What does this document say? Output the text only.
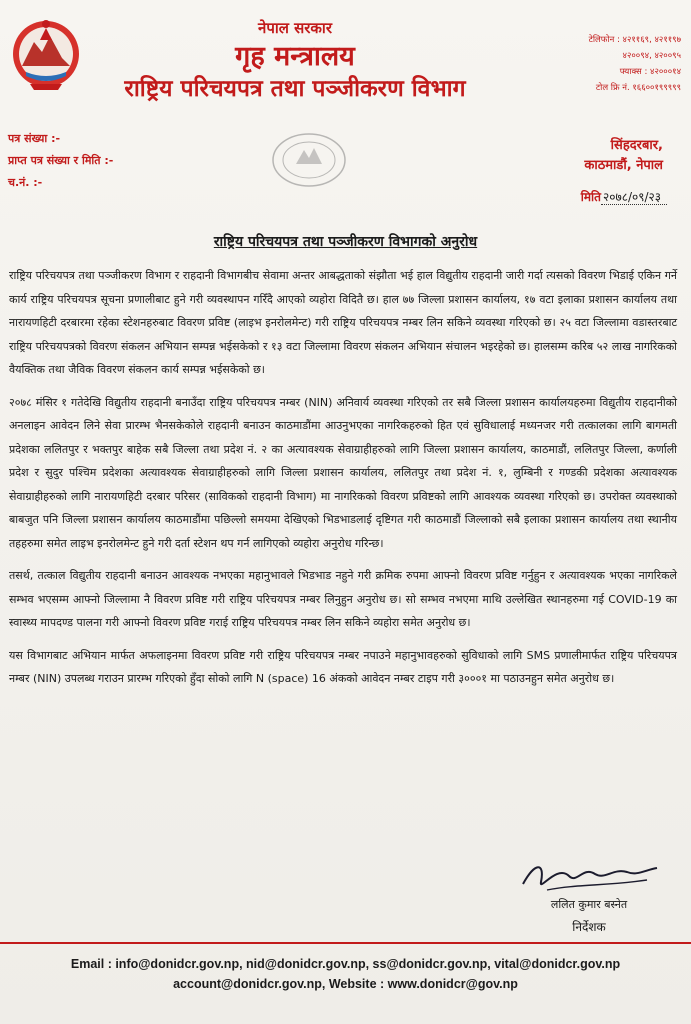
नेपाल सरकार
गृह मन्त्रालय
राष्ट्रिय परिचयपत्र तथा पञ्जीकरण विभाग
टेलिफोन : ४२११६९, ४२११९७
४२००९४, ४२००९५
फ्याक्स : ४२०००१४
टोल फ्रि नं. १६६००१९९९९९
पत्र संख्या :-
प्राप्त पत्र संख्या र मिति :-
च.नं. :-
सिंहदरबार,
काठमाडौं, नेपाल
मिति २०७८/०९/२३
राष्ट्रिय परिचयपत्र तथा पञ्जीकरण विभागको अनुरोध

राष्ट्रिय परिचयपत्र तथा पञ्जीकरण विभाग र राहदानी विभागबीच सेवामा अन्तर आबद्धताको संझौता भई हाल विद्युतीय राहदानी जारी गर्दा त्यसको विवरण भिडाई एकिन गर्ने कार्य राष्ट्रिय परिचयपत्र सूचना प्रणालीबाट हुने गरी व्यवस्थापन गरिँदै आएको व्यहोरा विदितै छ। हाल ७७ जिल्ला प्रशासन कार्यालय, १७ वटा इलाका प्रशासन कार्यालय तथा नारायणहिटी दरबारमा रहेका स्टेशनहरुबाट विवरण प्रविष्ट (लाइभ इनरोलमेन्ट) गरी राष्ट्रिय परिचयपत्र नम्बर लिन सकिने व्यवस्था गरिएको छ। २५ वटा जिल्लामा वडास्तरबाट राष्ट्रिय परिचयपत्रको विवरण संकलन अभियान सम्पन्न भईसकेको र १३ वटा जिल्लामा विवरण संकलन अभियान संचालन भइरहेको छ। हालसम्म करिब ५२ लाख नागरिकको वैयक्तिक तथा जैविक विवरण संकलन कार्य सम्पन्न भईसकेको छ।

२०७८ मंसिर १ गतेदेखि विद्युतीय राहदानी बनाउँदा राष्ट्रिय परिचयपत्र नम्बर (NIN) अनिवार्य व्यवस्था गरिएको तर सबै जिल्ला प्रशासन कार्यालयहरुमा विद्युतीय राहदानीको अनलाइन आवेदन लिने सेवा प्रारम्भ भैनसकेकोले राहदानी बनाउन काठमाडौंमा आउनुभएका नागरिकहरुको हित एवं सुविधालाई मध्यनजर गरी तत्कालका लागि बागमती प्रदेशका ललितपुर र भक्तपुर बाहेक सबै जिल्ला तथा प्रदेश नं. २ का अत्यावश्यक सेवाग्राहीहरुको लागि जिल्ला प्रशासन कार्यालय, काठमाडौं, ललितपुर जिल्ला, कर्णाली प्रदेश र सुदुर पश्चिम प्रदेशका अत्यावश्यक सेवाग्राहीहरुको लागि जिल्ला प्रशासन कार्यालय, ललितपुर तथा प्रदेश नं. १, लुम्बिनी र गण्डकी प्रदेशका अत्यावश्यक सेवाग्राहीहरुको लागि नारायणहिटी दरबार परिसर (साविकको राहदानी विभाग) मा नागरिकको विवरण प्रविष्टको लागि आवश्यक व्यवस्था गरिएको छ। उपरोक्त व्यवस्थाको बाबजुत पनि जिल्ला प्रशासन कार्यालय काठमाडौंमा पछिल्लो समयमा देखिएको भिडभाडलाई दृष्टिगत गरी काठमाडौं जिल्लाको सबै इलाका प्रशासन कार्यालय तथा स्थानीय तहहरुमा समेत लाइभ इनरोलमेन्ट हुने गरी दर्ता स्टेशन थप गर्न लागिएको व्यहोरा अनुरोध गरिन्छ।

तसर्थ, तत्काल विद्युतीय राहदानी बनाउन आवश्यक नभएका महानुभावले भिडभाड नहुने गरी क्रमिक रुपमा आफ्नो विवरण प्रविष्ट गर्नुहुन र अत्यावश्यक भएका नागरिकले सम्भव भएसम्म आफ्नो जिल्लामा नै विवरण प्रविष्ट गरी राष्ट्रिय परिचयपत्र नम्बर लिनुहुन अनुरोध छ। सो सम्भव नभएमा माथि उल्लेखित स्थानहरुमा गई COVID-19 का स्वास्थ्य मापदण्ड पालना गरी आफ्नो विवरण प्रविष्ट गराई राष्ट्रिय परिचयपत्र नम्बर लिन सकिने व्यहोरा समेत अनुरोध छ।

यस विभागबाट अभियान मार्फत अफलाइनमा विवरण प्रविष्ट गरी राष्ट्रिय परिचयपत्र नम्बर नपाउने महानुभावहरुको सुविधाको लागि SMS प्रणालीमार्फत राष्ट्रिय परिचयपत्र नम्बर (NIN) उपलब्ध गराउन प्रारम्भ गरिएको हुँदा सोको लागि N (space) 16 अंकको आवेदन नम्बर टाइप गरी ३०००१ मा पठाउनहुन समेत अनुरोध छ।

ललित कुमार बस्नेत
निर्देशक
Email : info@donidcr.gov.np, nid@donidcr.gov.np, ss@donidcr.gov.np, vital@donidcr.gov.np
account@donidcr.gov.np, Website : www.donidcr@gov.np
